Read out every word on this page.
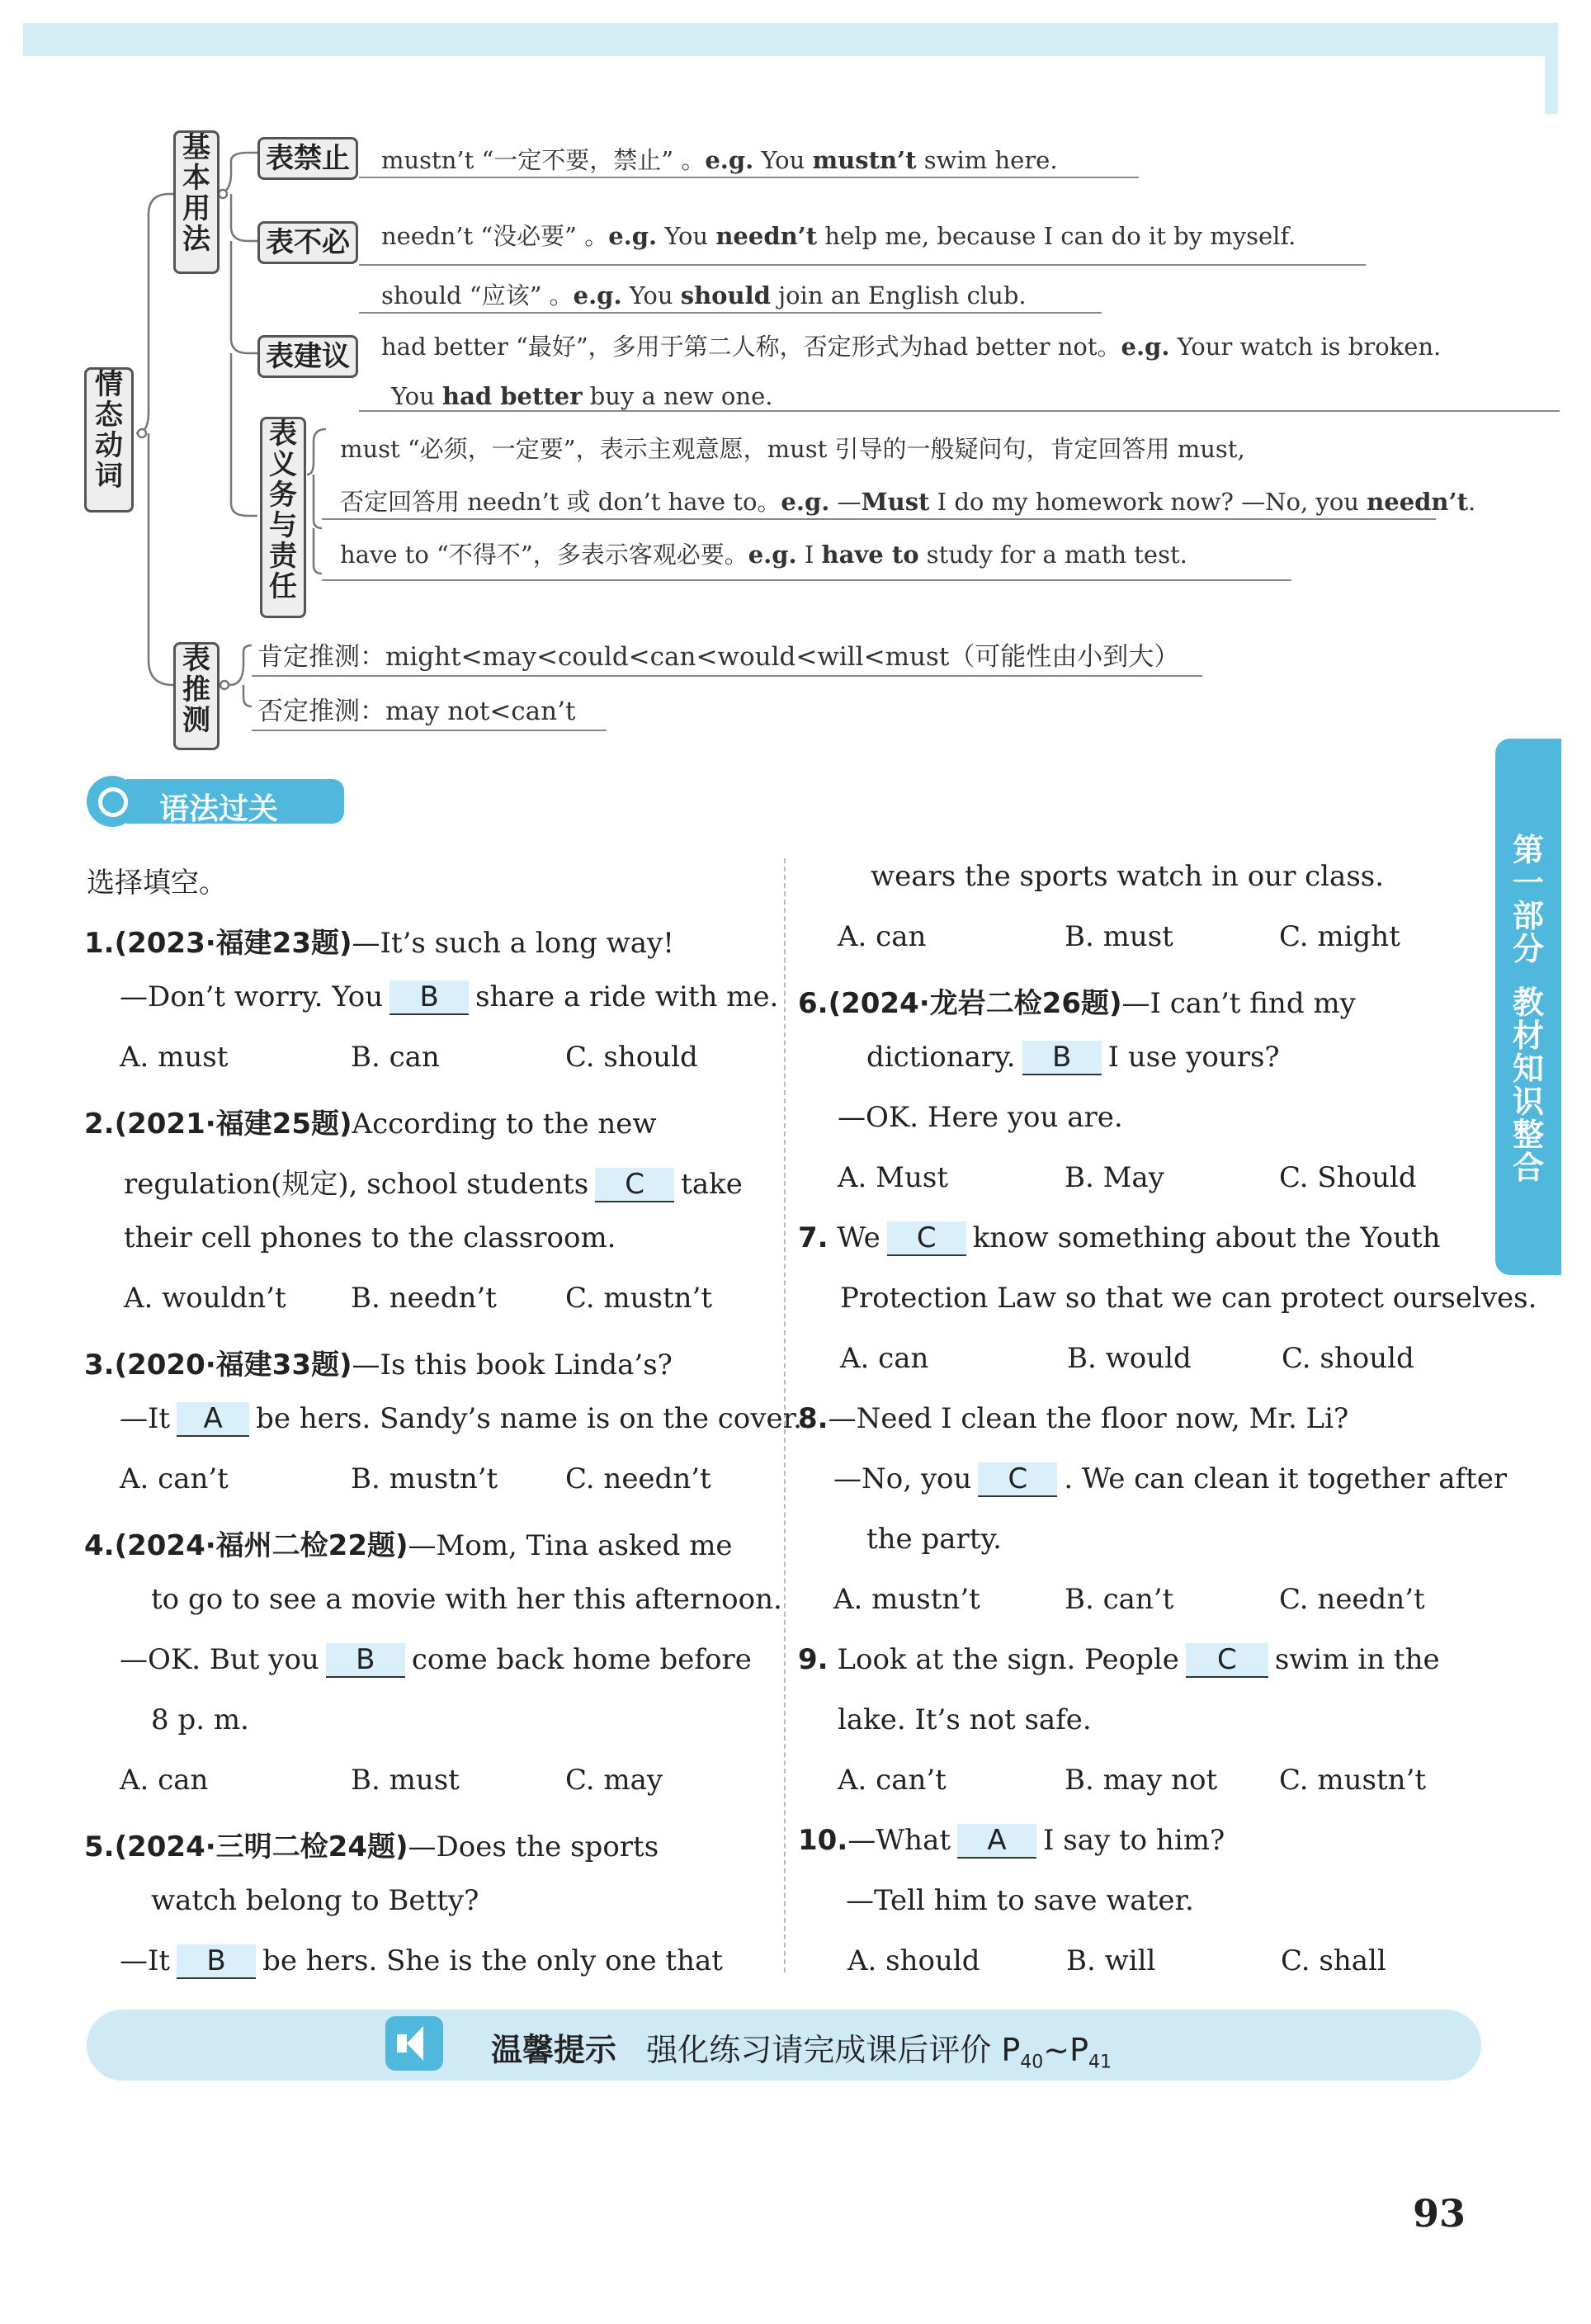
第
一
部
分
教
材
知
识
整
合
情
态
动
词
基
本
用
法
表
推
测
表禁止
表不必
表建议
表
义
务
与
责
任
mustn’t “一定不要，禁止” 。e.g. You mustn’t swim here.
needn’t “没必要” 。e.g. You needn’t help me, because I can do it by myself.
should “应该” 。e.g. You should join an English club.
had better “最好”，多用于第二人称，否定形式为had better not。e.g. Your watch is broken.
You had better buy a new one.
must “必须，一定要”，表示主观意愿，must 引导的一般疑问句，肯定回答用 must,
否定回答用 needn’t 或 don’t have to。e.g. —Must I do my homework now? —No, you needn’t.
have to “不得不”，多表示客观必要。e.g. I have to study for a math test.
肯定推测：might<may<could<can<would<will<must（可能性由小到大）
否定推测：may not<can’t
语法过关
选择填空。
1.(2023·福建23题)—It’s such a long way!
—Don’t worry. You B share a ride with me.
A. must	B. can	C. should
2.(2021·福建25题)According to the new
regulation(规定), school students C take
their cell phones to the classroom.
A. wouldn’t B. needn’t C. mustn’t
3.(2020·福建33题)—Is this book Linda’s?
—It A be hers. Sandy’s name is on the cover.
A. can’t	B. mustn’t C. needn’t
4.(2024·福州二检22题)—Mom, Tina asked me
to go to see a movie with her this afternoon.
—OK. But you B come back home before
8 p. m.
A. can	B. must	C. may
5.(2024·三明二检24题)—Does the sports
watch belong to Betty?
—It B be hers. She is the only one that
wears the sports watch in our class.
A. can	B. must	C. might
6.(2024·龙岩二检26题)—I can’t find my
dictionary. B I use yours?
—OK. Here you are.
A. Must	B. May	C. Should
7. We C know something about the Youth
Protection Law so that we can protect ourselves.
A. can	B. would	C. should
8.—Need I clean the floor now, Mr. Li?
—No, you C . We can clean it together after
the party.
A. mustn’t	B. can’t	C. needn’t
9. Look at the sign. People C swim in the
lake. It’s not safe.
A. can’t	B. may not C. mustn’t
10.—What A I say to him?
—Tell him to save water.
A. should	B. will	C. shall
温馨提示 强化练习请完成课后评价 $P_{40}\sim P_{41}$
93
